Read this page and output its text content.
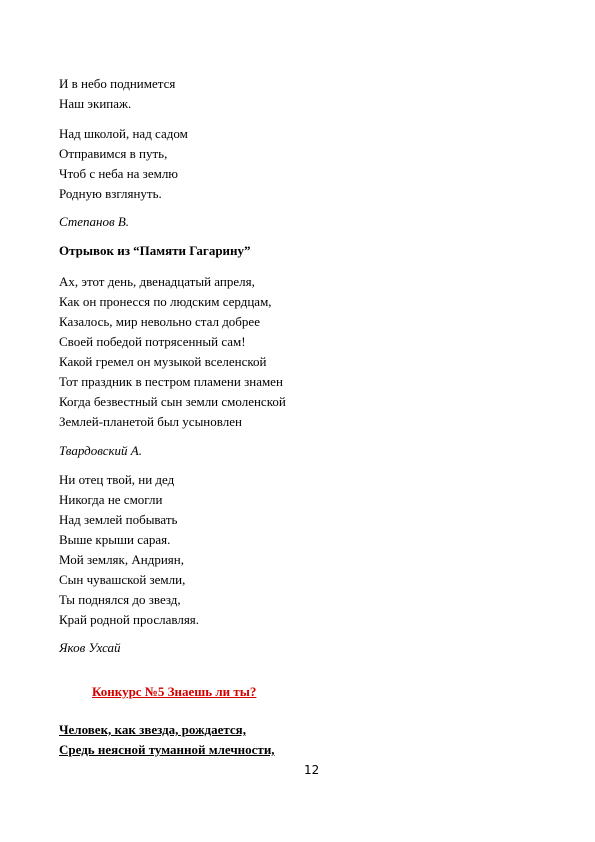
И в небо поднимется
Наш экипаж.
Над школой, над садом
Отправимся в путь,
Чтоб с неба на землю
Родную взглянуть.
Степанов В.
Отрывок из “Памяти Гагарину”
Ах, этот день, двенадцатый апреля,
Как он пронесся по людским сердцам,
Казалось, мир невольно стал добрее
Своей победой потрясенный сам!
Какой гремел он музыкой вселенской
Тот праздник в пестром пламени знамен
Когда безвестный сын земли смоленской
Землей-планетой был усыновлен
Твардовский А.
Ни отец твой, ни дед
Никогда не смогли
Над землей побывать
Выше крыши сарая.
Мой земляк, Андриян,
Сын чувашской земли,
Ты поднялся до звезд,
Край родной прославляя.
Яков Ухсай
Конкурс №5 Знаешь ли ты?
Человек, как звезда, рождается,
Средь неясной туманной млечности,
12
